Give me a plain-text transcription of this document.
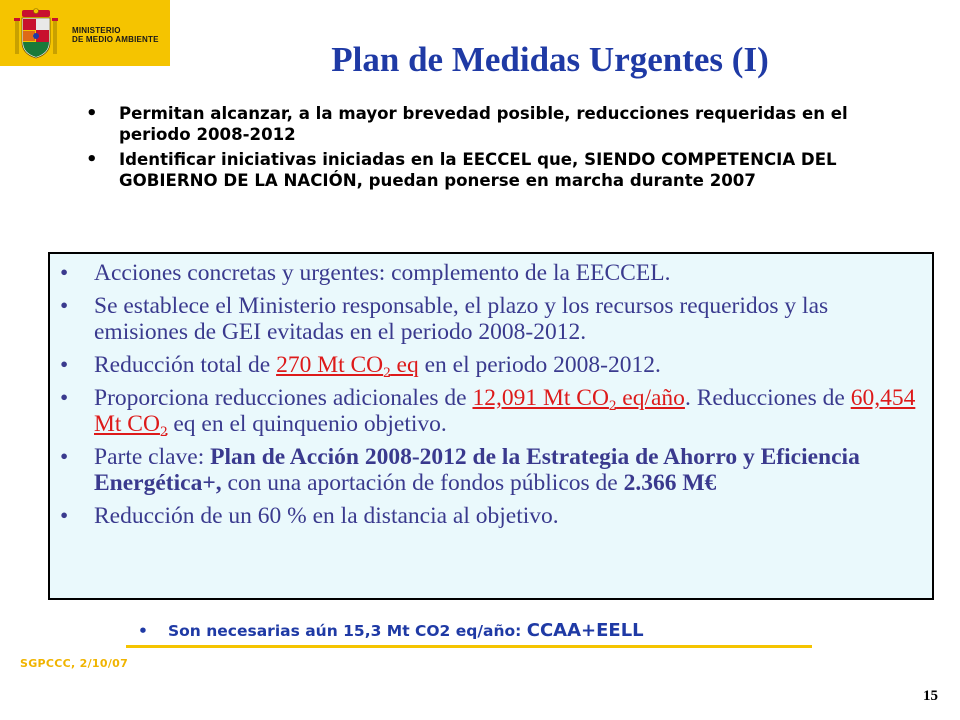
MINISTERIO
DE MEDIO AMBIENTE
Plan de Medidas Urgentes (I)
• Permitan alcanzar, a la mayor brevedad posible, reducciones requeridas en el periodo 2008-2012
• Identificar iniciativas iniciadas en la EECCEL que, SIENDO COMPETENCIA DEL GOBIERNO DE LA NACIÓN, puedan ponerse en marcha durante 2007
• Acciones concretas y urgentes: complemento de la EECCEL.
• Se establece el Ministerio responsable, el plazo y los recursos requeridos y las emisiones de GEI evitadas en el periodo 2008-2012.
• Reducción total de 270 Mt $CO_2$ eq en el periodo 2008-2012.
• Proporciona reducciones adicionales de 12,091 Mt $CO_2$ eq/año. Reducciones de 60,454 Mt $CO_2$ eq en el quinquenio objetivo.
• Parte clave: Plan de Acción 2008-2012 de la Estrategia de Ahorro y Eficiencia Energética+, con una aportación de fondos públicos de 2.366 M€
• Reducción de un 60 % en la distancia al objetivo.
• Son necesarias aún 15,3 Mt CO2 eq/año: CCAA+EELL
SGPCCC, 2/10/07
15
